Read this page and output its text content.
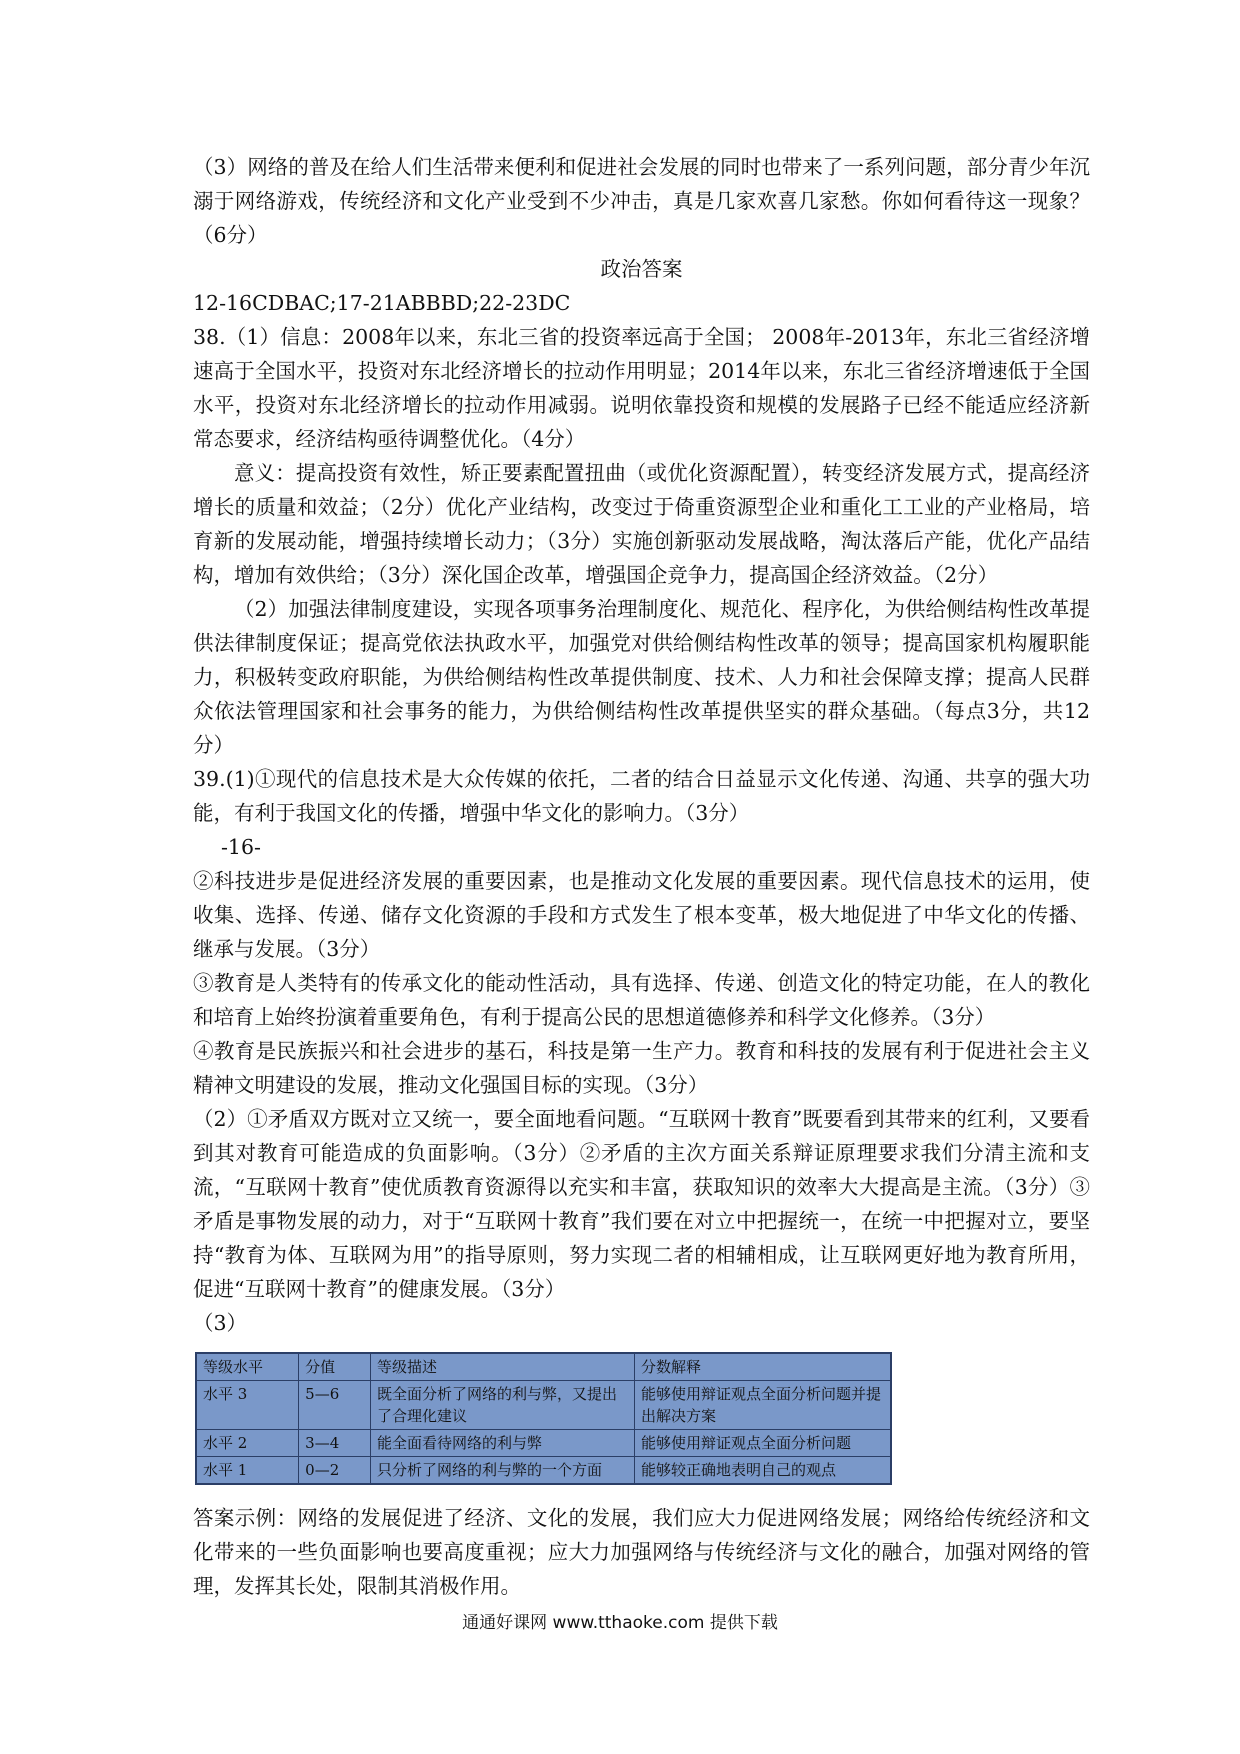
（3）网络的普及在给人们生活带来便利和促进社会发展的同时也带来了一系列问题，部分青少年沉溺于网络游戏，传统经济和文化产业受到不少冲击，真是几家欢喜几家愁。你如何看待这一现象？（6分）

政治答案

12-16CDBAC;17-21ABBBD;22-23DC

38.（1）信息：2008年以来，东北三省的投资率远高于全国； 2008年-2013年，东北三省经济增速高于全国水平，投资对东北经济增长的拉动作用明显；2014年以来，东北三省经济增速低于全国水平，投资对东北经济增长的拉动作用减弱。说明依靠投资和规模的发展路子已经不能适应经济新常态要求，经济结构亟待调整优化。（4分）

意义：提高投资有效性，矫正要素配置扭曲（或优化资源配置），转变经济发展方式，提高经济增长的质量和效益；（2分）优化产业结构，改变过于倚重资源型企业和重化工工业的产业格局，培育新的发展动能，增强持续增长动力；（3分）实施创新驱动发展战略，淘汰落后产能，优化产品结构，增加有效供给；（3分）深化国企改革，增强国企竞争力，提高国企经济效益。（2分）

（2）加强法律制度建设，实现各项事务治理制度化、规范化、程序化，为供给侧结构性改革提供法律制度保证；提高党依法执政水平，加强党对供给侧结构性改革的领导；提高国家机构履职能力，积极转变政府职能，为供给侧结构性改革提供制度、技术、人力和社会保障支撑；提高人民群众依法管理国家和社会事务的能力，为供给侧结构性改革提供坚实的群众基础。（每点3分，共12分）

39.(1)①现代的信息技术是大众传媒的依托，二者的结合日益显示文化传递、沟通、共享的强大功能，有利于我国文化的传播，增强中华文化的影响力。（3分）

-16-

②科技进步是促进经济发展的重要因素，也是推动文化发展的重要因素。现代信息技术的运用，使收集、选择、传递、储存文化资源的手段和方式发生了根本变革，极大地促进了中华文化的传播、继承与发展。（3分）

③教育是人类特有的传承文化的能动性活动，具有选择、传递、创造文化的特定功能，在人的教化和培育上始终扮演着重要角色，有利于提高公民的思想道德修养和科学文化修养。（3分）

④教育是民族振兴和社会进步的基石，科技是第一生产力。教育和科技的发展有利于促进社会主义精神文明建设的发展，推动文化强国目标的实现。（3分）

（2）①矛盾双方既对立又统一，要全面地看问题。“互联网十教育”既要看到其带来的红利，又要看到其对教育可能造成的负面影响。（3分）②矛盾的主次方面关系辩证原理要求我们分清主流和支流，“互联网十教育”使优质教育资源得以充实和丰富，获取知识的效率大大提高是主流。（3分）③矛盾是事物发展的动力，对于“互联网十教育”我们要在对立中把握统一，在统一中把握对立，要坚持“教育为体、互联网为用”的指导原则，努力实现二者的相辅相成，让互联网更好地为教育所用，促进“互联网十教育”的健康发展。（3分）

（3）

等级水平	分值	等级描述	分数解释
水平 3	5—6	既全面分析了网络的利与弊，又提出了合理化建议	能够使用辩证观点全面分析问题并提出解决方案
水平 2	3—4	能全面看待网络的利与弊	能够使用辩证观点全面分析问题
水平 1	0—2	只分析了网络的利与弊的一个方面	能够较正确地表明自己的观点

答案示例：网络的发展促进了经济、文化的发展，我们应大力促进网络发展；网络给传统经济和文化带来的一些负面影响也要高度重视；应大力加强网络与传统经济与文化的融合，加强对网络的管理，发挥其长处，限制其消极作用。

通通好课网 www.tthaoke.com 提供下载
